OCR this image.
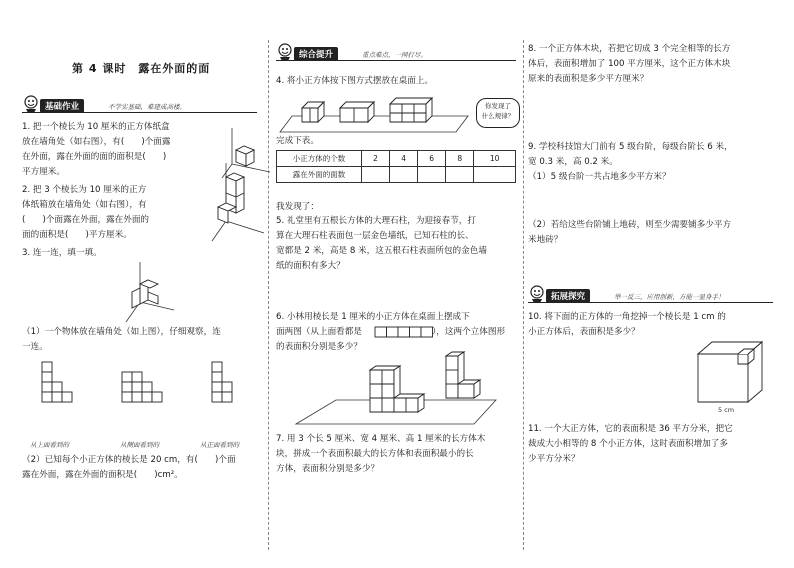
第 4 课时　露在外面的面
基础作业	不学实基础，难建成高楼。
1. 把一个棱长为 10 厘米的正方体纸盒
放在墙角处（如右图），有(　　)个面露
在外面，露在外面的面的面积是(　　)
平方厘米。
2. 把 3 个棱长为 10 厘米的正方
体纸箱放在墙角处（如右图），有
(　　)个面露在外面，露在外面的
面的面积是(　　)平方厘米。
3. 连一连，填一填。
（1）一个物体放在墙角处（如上图），仔细观察，连
一连。
从上面看到的	从侧面看到的	从正面看到的
（2）已知每个小正方体的棱长是 20 cm，有(　　)个面
露在外面，露在外面的面积是(　　)cm²。
综合提升	重点难点，一网打尽。
4. 将小正方体按下图方式摆放在桌面上。
你发现了
什么规律？
完成下表。
小正方体的个数	2	4	6	8	10
露在外面的面数					
我发现了：
5. 礼堂里有五根长方体的大理石柱，为迎接春节，打
算在大理石柱表面包一层金色墙纸，已知石柱的长、
宽都是 2 米，高是 8 米，这五根石柱表面所包的金色墙
纸的面积有多大？
6. 小林用棱长是 1 厘米的小正方体在桌面上摆成下
面两图（从上面看都是	），这两个立体图形
的表面积分别是多少？
7. 用 3 个长 5 厘米、宽 4 厘米、高 1 厘米的长方体木
块，拼成一个表面积最大的长方体和表面积最小的长
方体，表面积分别是多少？
8. 一个正方体木块，若把它切成 3 个完全相等的长方
体后，表面积增加了 100 平方厘米，这个正方体木块
原来的表面积是多少平方厘米？
9. 学校科技馆大门前有 5 级台阶，每级台阶长 6 米，
宽 0.3 米，高 0.2 米。
（1）5 级台阶一共占地多少平方米？
（2）若给这些台阶铺上地砖，则至少需要铺多少平方
米地砖？
拓展探究	举一反三，应用创新，方能一显身手！
10. 将下面的正方体的一角挖掉一个棱长是 1 cm 的
小正方体后，表面积是多少？
5 cm
11. 一个大正方体，它的表面积是 36 平方分米，把它
裁成大小相等的 8 个小正方体，这时表面积增加了多
少平方分米？
